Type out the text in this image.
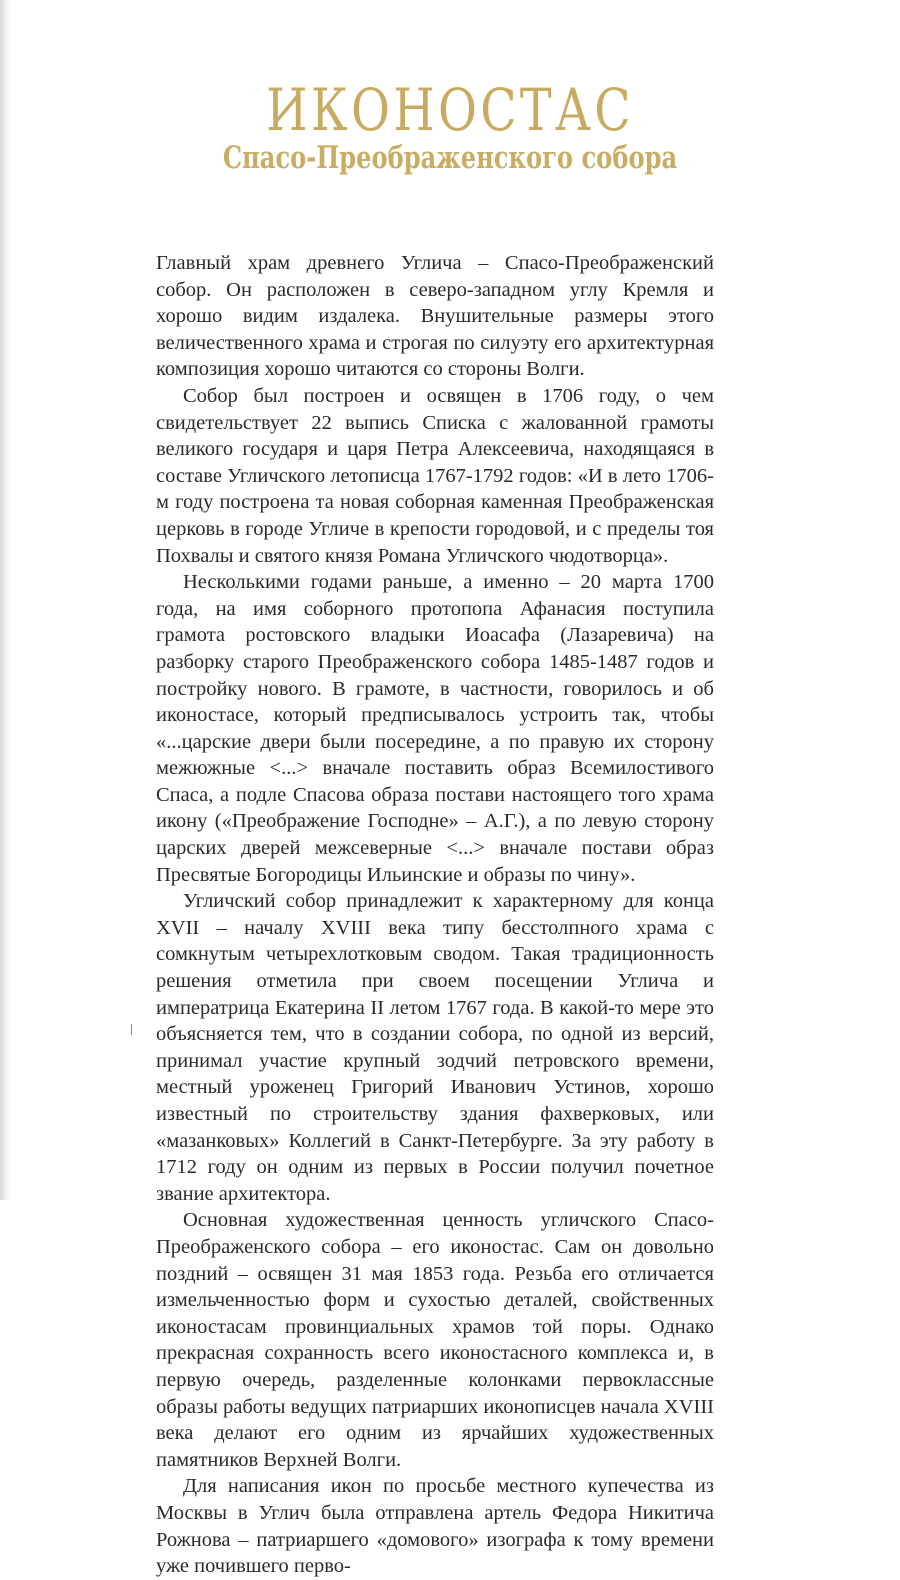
ИКОНОСТАС
Спасо-Преображенского собора

Главный храм древнего Углича – Спасо-Преображенский собор. Он расположен в северо-западном углу Кремля и хорошо видим издалека. Внушительные размеры этого величественного храма и строгая по силуэту его архитектурная композиция хорошо читаются со стороны Волги.

Собор был построен и освящен в 1706 году, о чем свидетельствует 22 выпись Списка с жалованной грамоты великого государя и царя Петра Алексеевича, находящаяся в составе Угличского летописца 1767-1792 годов: «И в лето 1706-м году построена та новая соборная каменная Преображенская церковь в городе Угличе в крепости городовой, и с пределы тоя Похвалы и святого князя Романа Угличского чюдотворца».

Несколькими годами раньше, а именно – 20 марта 1700 года, на имя соборного протопопа Афанасия поступила грамота ростовского владыки Иоасафа (Лазаревича) на разборку старого Преображенского собора 1485-1487 годов и постройку нового. В грамоте, в частности, говорилось и об иконостасе, который предписывалось устроить так, чтобы «...царские двери были посередине, а по правую их сторону межюжные <...> вначале поставить образ Всемилостивого Спаса, а подле Спасова образа постави настоящего того храма икону («Преображение Господне» – А.Г.), а по левую сторону царских дверей межсеверные <...> вначале постави образ Пресвятые Богородицы Ильинские и образы по чину».

Угличский собор принадлежит к характерному для конца XVII – началу XVIII века типу бесстолпного храма с сомкнутым четырехлотковым сводом. Такая традиционность решения отметила при своем посещении Углича и императрица Екатерина II летом 1767 года. В какой-то мере это объясняется тем, что в создании собора, по одной из версий, принимал участие крупный зодчий петровского времени, местный уроженец Григорий Иванович Устинов, хорошо известный по строительству здания фахверковых, или «мазанковых» Коллегий в Санкт-Петербурге. За эту работу в 1712 году он одним из первых в России получил почетное звание архитектора.

Основная художественная ценность угличского Спасо-Преображенского собора – его иконостас. Сам он довольно поздний – освящен 31 мая 1853 года. Резьба его отличается измельченностью форм и сухостью деталей, свойственных иконостасам провинциальных храмов той поры. Однако прекрасная сохранность всего иконостасного комплекса и, в первую очередь, разделенные колонками первоклассные образы работы ведущих патриарших иконописцев начала XVIII века делают его одним из ярчайших художественных памятников Верхней Волги.

Для написания икон по просьбе местного купечества из Москвы в Углич была отправлена артель Федора Никитича Рожнова – патриаршего «домового» изографа к тому времени уже почившего перво-

ǀ
